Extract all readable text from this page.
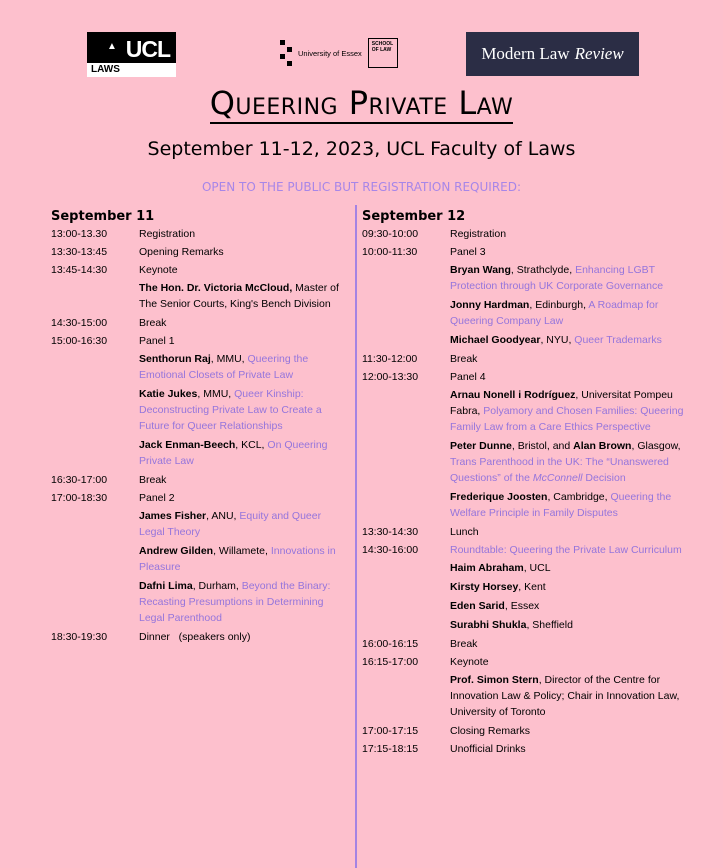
▲ UCL
LAWS
University of Essex
SCHOOL OF LAW	Modern Law Review
Queering Private Law
September 11-12, 2023, UCL Faculty of Laws
OPEN TO THE PUBLIC BUT REGISTRATION REQUIRED:
September 11
13:00-13.30	Registration
13:30-13:45	Opening Remarks
13:45-14:30	Keynote
The Hon. Dr. Victoria McCloud, Master of The Senior Courts, King's Bench Division
14:30-15:00	Break
15:00-16:30	Panel 1
Senthorun Raj, MMU, Queering the Emotional Closets of Private Law
Katie Jukes, MMU, Queer Kinship: Deconstructing Private Law to Create a Future for Queer Relationships
Jack Enman-Beech, KCL, On Queering Private Law
16:30-17:00	Break
17:00-18:30	Panel 2
James Fisher, ANU, Equity and Queer Legal Theory
Andrew Gilden, Willamete, Innovations in Pleasure
Dafni Lima, Durham, Beyond the Binary: Recasting Presumptions in Determining Legal Parenthood
18:30-19:30	Dinner   (speakers only)
September 12
09:30-10:00	Registration
10:00-11:30	Panel 3
Bryan Wang, Strathclyde, Enhancing LGBT Protection through UK Corporate Governance
Jonny Hardman, Edinburgh, A Roadmap for Queering Company Law
Michael Goodyear, NYU, Queer Trademarks
11:30-12:00	Break
12:00-13:30	Panel 4
Arnau Nonell i Rodríguez, Universitat Pompeu Fabra, Polyamory and Chosen Families: Queering Family Law from a Care Ethics Perspective
Peter Dunne, Bristol, and Alan Brown, Glasgow, Trans Parenthood in the UK: The “Unanswered Questions” of the McConnell Decision
Frederique Joosten, Cambridge, Queering the Welfare Principle in Family Disputes
13:30-14:30	Lunch
14:30-16:00	Roundtable: Queering the Private Law Curriculum
Haim Abraham, UCL
Kirsty Horsey, Kent
Eden Sarid, Essex
Surabhi Shukla, Sheffield
16:00-16:15	Break
16:15-17:00	Keynote
Prof. Simon Stern, Director of the Centre for Innovation Law & Policy; Chair in Innovation Law, University of Toronto
17:00-17:15	Closing Remarks
17:15-18:15	Unofficial Drinks
